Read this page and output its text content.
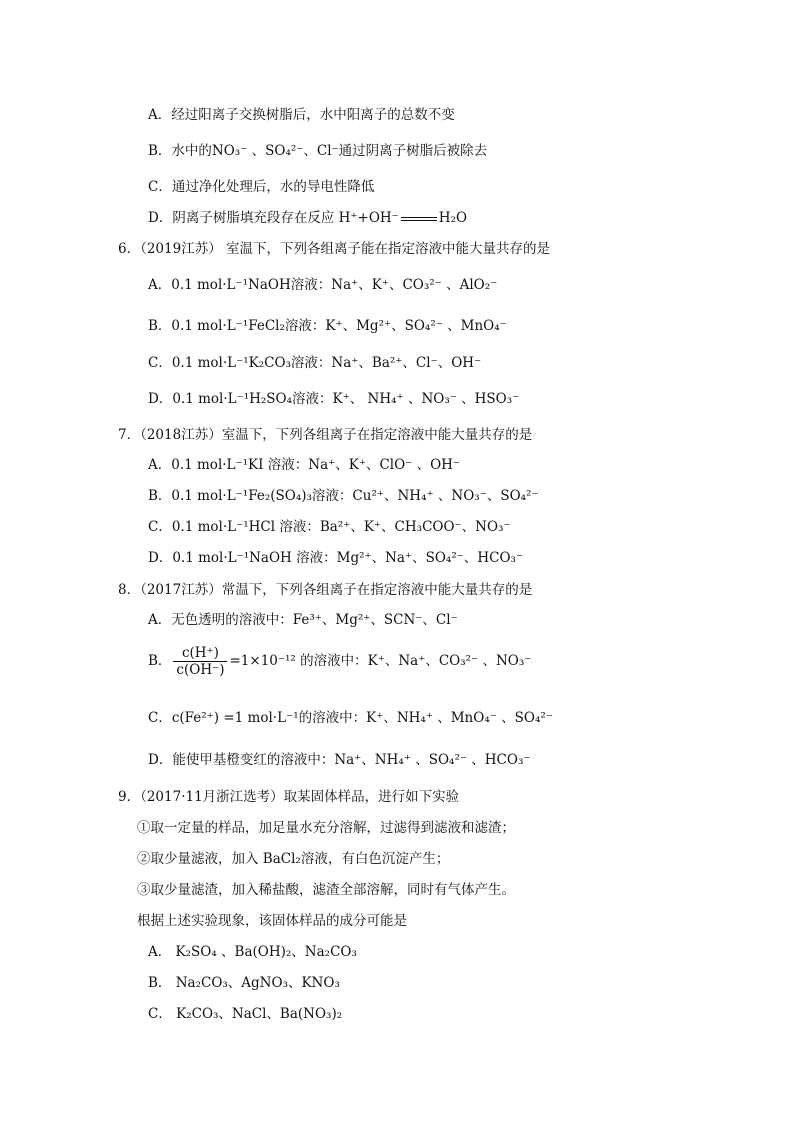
A．经过阳离子交换树脂后，水中阳离子的总数不变
B．水中的NO₃⁻ 、SO₄²⁻、Cl⁻通过阴离子树脂后被除去
C．通过净化处理后，水的导电性降低
D．阴离子树脂填充段存在反应 H⁺+OH⁻	H₂O
6．（2019江苏） 室温下，下列各组离子能在指定溶液中能大量共存的是
A．0.1 mol·L⁻¹NaOH溶液：Na⁺、K⁺、CO₃²⁻ 、AlO₂⁻
B．0.1 mol·L⁻¹FeCl₂溶液：K⁺、Mg²⁺、SO₄²⁻ 、MnO₄⁻
C．0.1 mol·L⁻¹K₂CO₃溶液：Na⁺、Ba²⁺、Cl⁻、OH⁻
D．0.1 mol·L⁻¹H₂SO₄溶液：K⁺、 NH₄⁺ 、NO₃⁻ 、HSO₃⁻
7．（2018江苏）室温下，下列各组离子在指定溶液中能大量共存的是
A．0.1 mol·L⁻¹KI 溶液：Na⁺、K⁺、ClO⁻ 、OH⁻
B．0.1 mol·L⁻¹Fe₂(SO₄)₃溶液：Cu²⁺、NH₄⁺ 、NO₃⁻、SO₄²⁻
C．0.1 mol·L⁻¹HCl 溶液：Ba²⁺、K⁺、CH₃COO⁻、NO₃⁻
D．0.1 mol·L⁻¹NaOH 溶液：Mg²⁺、Na⁺、SO₄²⁻、HCO₃⁻
8．（2017江苏）常温下，下列各组离子在指定溶液中能大量共存的是
A．无色透明的溶液中：Fe³⁺、Mg²⁺、SCN⁻、Cl⁻
B． $\frac{c(H^+)}{c(OH^-)} =1\times 10^{-12}$ 的溶液中：K⁺、Na⁺、CO₃²⁻ 、NO₃⁻
C．c(Fe²⁺) =1 mol·L⁻¹的溶液中：K⁺、NH₄⁺ 、MnO₄⁻ 、SO₄²⁻
D．能使甲基橙变红的溶液中：Na⁺、NH₄⁺ 、SO₄²⁻ 、HCO₃⁻
9．（2017·11月浙江选考）取某固体样品，进行如下实验
①取一定量的样品，加足量水充分溶解，过滤得到滤液和滤渣；
②取少量滤液，加入 BaCl₂溶液，有白色沉淀产生；
③取少量滤渣，加入稀盐酸，滤渣全部溶解，同时有气体产生。
根据上述实验现象，该固体样品的成分可能是
A． K₂SO₄ 、Ba(OH)₂、Na₂CO₃
B． Na₂CO₃、AgNO₃、KNO₃
C． K₂CO₃、NaCl、Ba(NO₃)₂
